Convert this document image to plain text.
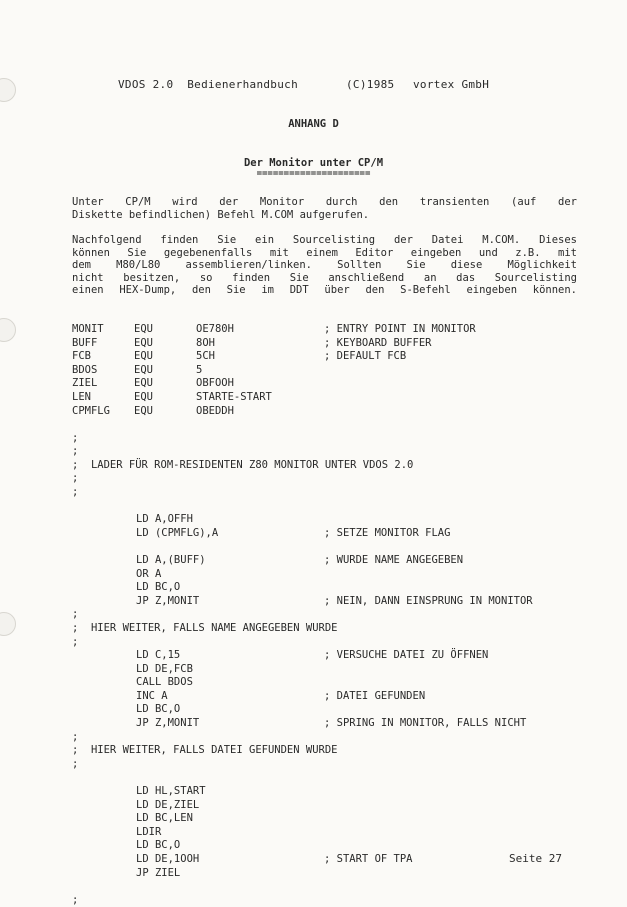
VDOS 2.0  Bedienerhandbuch	(C)1985 vortex GmbH
ANHANG D
Der Monitor unter CP/M
=====================
Unter CP/M wird der Monitor durch den transienten (auf der
Diskette befindlichen) Befehl M.COM aufgerufen.
Nachfolgend finden Sie ein Sourcelisting der Datei M.COM. Dieses
können Sie gegebenenfalls mit einem Editor eingeben und z.B. mit
dem M80/L80 assemblieren/linken. Sollten Sie diese Möglichkeit
nicht besitzen, so finden Sie anschließend an das Sourcelisting
einen HEX-Dump, den Sie im DDT über den S-Befehl eingeben können.
MONIT	EQU	OE780H	; ENTRY POINT IN MONITOR
BUFF	EQU	8OH	; KEYBOARD BUFFER
FCB	EQU	5CH	; DEFAULT FCB
BDOS	EQU	5
ZIEL	EQU	OBFOOH
LEN	EQU	STARTE-START
CPMFLG EQU	OBEDDH
;
;
;  LADER FÜR ROM-RESIDENTEN Z80 MONITOR UNTER VDOS 2.0
;
;
LD A,OFFH
LD (CPMFLG),A	; SETZE MONITOR FLAG
LD A,(BUFF)	; WURDE NAME ANGEGEBEN
OR A
LD BC,O
JP Z,MONIT	; NEIN, DANN EINSPRUNG IN MONITOR
;
;  HIER WEITER, FALLS NAME ANGEGEBEN WURDE
;
LD C,15	; VERSUCHE DATEI ZU ÖFFNEN
LD DE,FCB
CALL BDOS
INC A	; DATEI GEFUNDEN
LD BC,O
JP Z,MONIT	; SPRING IN MONITOR, FALLS NICHT
;
;  HIER WEITER, FALLS DATEI GEFUNDEN WURDE
;
LD HL,START
LD DE,ZIEL
LD BC,LEN
LDIR
LD BC,O
LD DE,1OOH	; START OF TPA
JP ZIEL
;
Seite 27
